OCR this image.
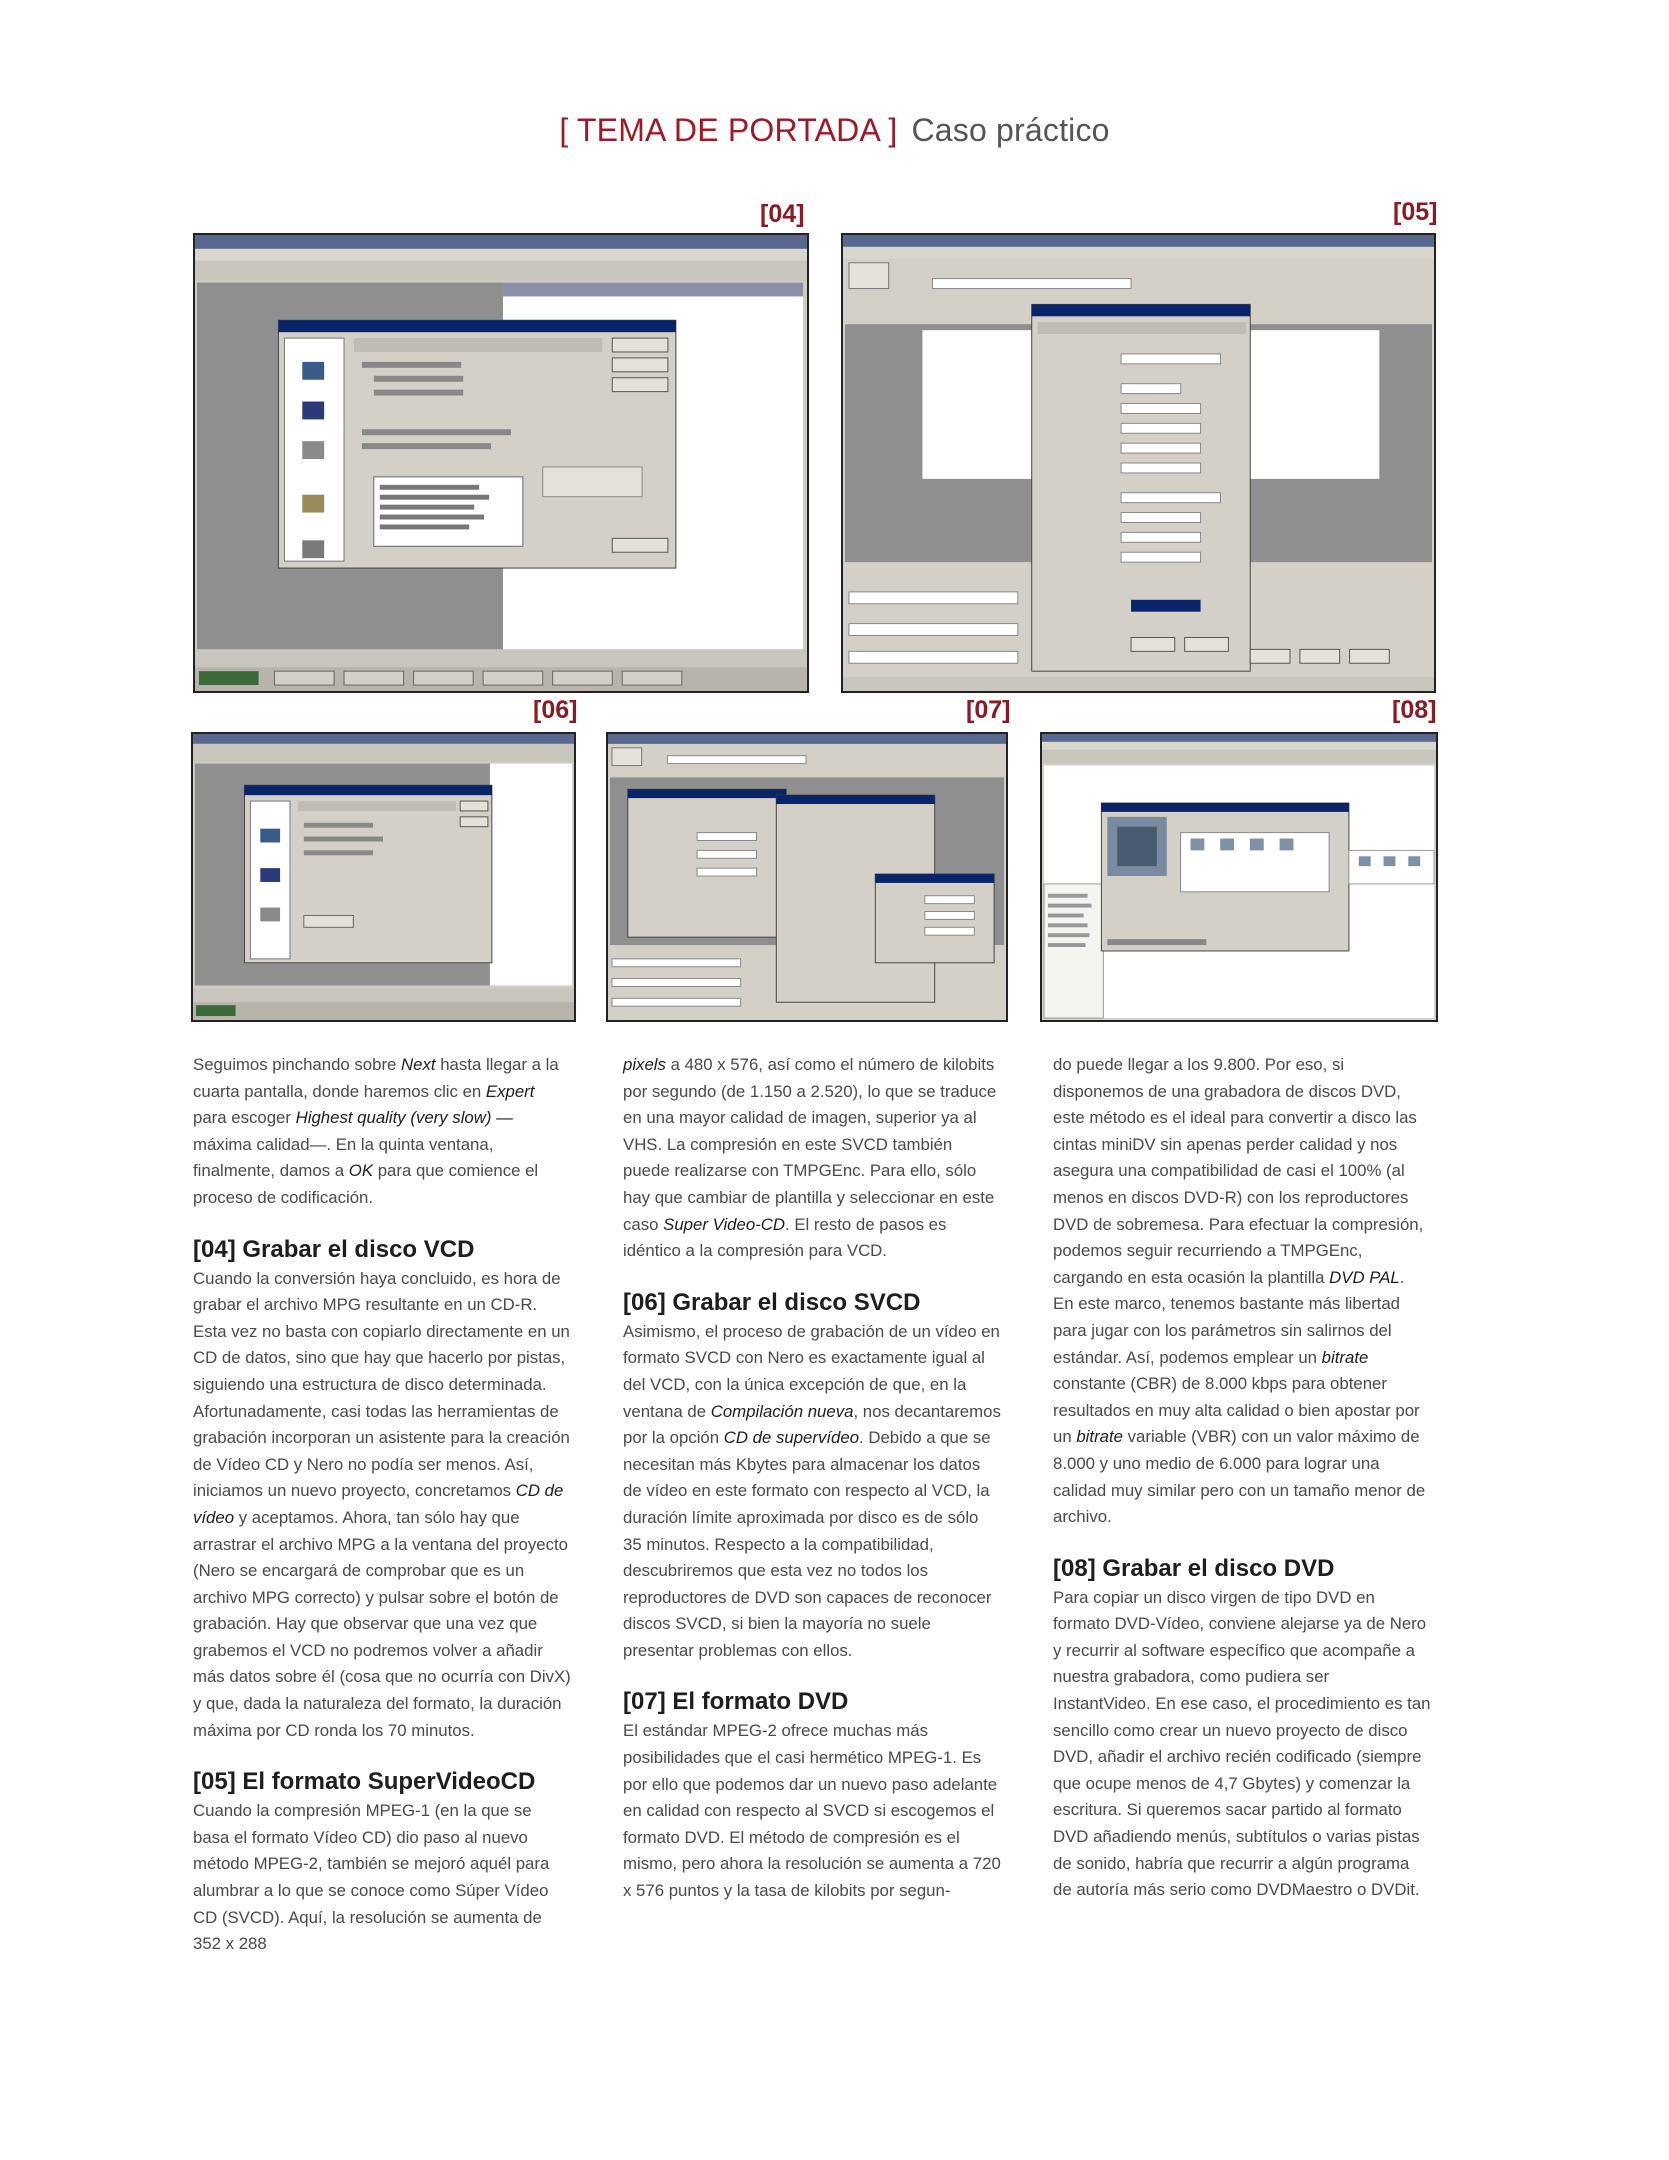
[ TEMA DE PORTADA ] Caso práctico
[04]	[05]
[06]	[07]	[08]

Seguimos pinchando sobre Next hasta llegar a la cuarta pantalla, donde haremos clic en Expert para escoger Highest quality (very slow) —máxima calidad—. En la quinta ventana, finalmente, damos a OK para que comience el proceso de codificación.

[04] Grabar el disco VCD

Cuando la conversión haya concluido, es hora de grabar el archivo MPG resultante en un CD-R. Esta vez no basta con copiarlo directamente en un CD de datos, sino que hay que hacerlo por pistas, siguiendo una estructura de disco determinada. Afortunadamente, casi todas las herramientas de grabación incorporan un asistente para la creación de Vídeo CD y Nero no podía ser menos. Así, iniciamos un nuevo proyecto, concretamos CD de vídeo y aceptamos. Ahora, tan sólo hay que arrastrar el archivo MPG a la ventana del proyecto (Nero se encargará de comprobar que es un archivo MPG correcto) y pulsar sobre el botón de grabación. Hay que observar que una vez que grabemos el VCD no podremos volver a añadir más datos sobre él (cosa que no ocurría con DivX) y que, dada la naturaleza del formato, la duración máxima por CD ronda los 70 minutos.

[05] El formato SuperVideoCD

Cuando la compresión MPEG-1 (en la que se basa el formato Vídeo CD) dio paso al nuevo método MPEG-2, también se mejoró aquél para alumbrar a lo que se conoce como Súper Vídeo CD (SVCD). Aquí, la resolución se aumenta de 352 x 288

pixels a 480 x 576, así como el número de kilobits por segundo (de 1.150 a 2.520), lo que se traduce en una mayor calidad de imagen, superior ya al VHS. La compresión en este SVCD también puede realizarse con TMPGEnc. Para ello, sólo hay que cambiar de plantilla y seleccionar en este caso Super Video-CD. El resto de pasos es idéntico a la compresión para VCD.

[06] Grabar el disco SVCD

Asimismo, el proceso de grabación de un vídeo en formato SVCD con Nero es exactamente igual al del VCD, con la única excepción de que, en la ventana de Compilación nueva, nos decantaremos por la opción CD de supervídeo. Debido a que se necesitan más Kbytes para almacenar los datos de vídeo en este formato con respecto al VCD, la duración límite aproximada por disco es de sólo 35 minutos. Respecto a la compatibilidad, descubriremos que esta vez no todos los reproductores de DVD son capaces de reconocer discos SVCD, si bien la mayoría no suele presentar problemas con ellos.

[07] El formato DVD

El estándar MPEG-2 ofrece muchas más posibilidades que el casi hermético MPEG-1. Es por ello que podemos dar un nuevo paso adelante en calidad con respecto al SVCD si escogemos el formato DVD. El método de compresión es el mismo, pero ahora la resolución se aumenta a 720 x 576 puntos y la tasa de kilobits por segun-

do puede llegar a los 9.800. Por eso, si disponemos de una grabadora de discos DVD, este método es el ideal para convertir a disco las cintas miniDV sin apenas perder calidad y nos asegura una compatibilidad de casi el 100% (al menos en discos DVD-R) con los reproductores DVD de sobremesa. Para efectuar la compresión, podemos seguir recurriendo a TMPGEnc, cargando en esta ocasión la plantilla DVD PAL.

En este marco, tenemos bastante más libertad para jugar con los parámetros sin salirnos del estándar. Así, podemos emplear un bitrate constante (CBR) de 8.000 kbps para obtener resultados en muy alta calidad o bien apostar por un bitrate variable (VBR) con un valor máximo de 8.000 y uno medio de 6.000 para lograr una calidad muy similar pero con un tamaño menor de archivo.

[08] Grabar el disco DVD

Para copiar un disco virgen de tipo DVD en formato DVD-Vídeo, conviene alejarse ya de Nero y recurrir al software específico que acompañe a nuestra grabadora, como pudiera ser InstantVideo. En ese caso, el procedimiento es tan sencillo como crear un nuevo proyecto de disco DVD, añadir el archivo recién codificado (siempre que ocupe menos de 4,7 Gbytes) y comenzar la escritura. Si queremos sacar partido al formato DVD añadiendo menús, subtítulos o varias pistas de sonido, habría que recurrir a algún programa de autoría más serio como DVDMaestro o DVDit.
